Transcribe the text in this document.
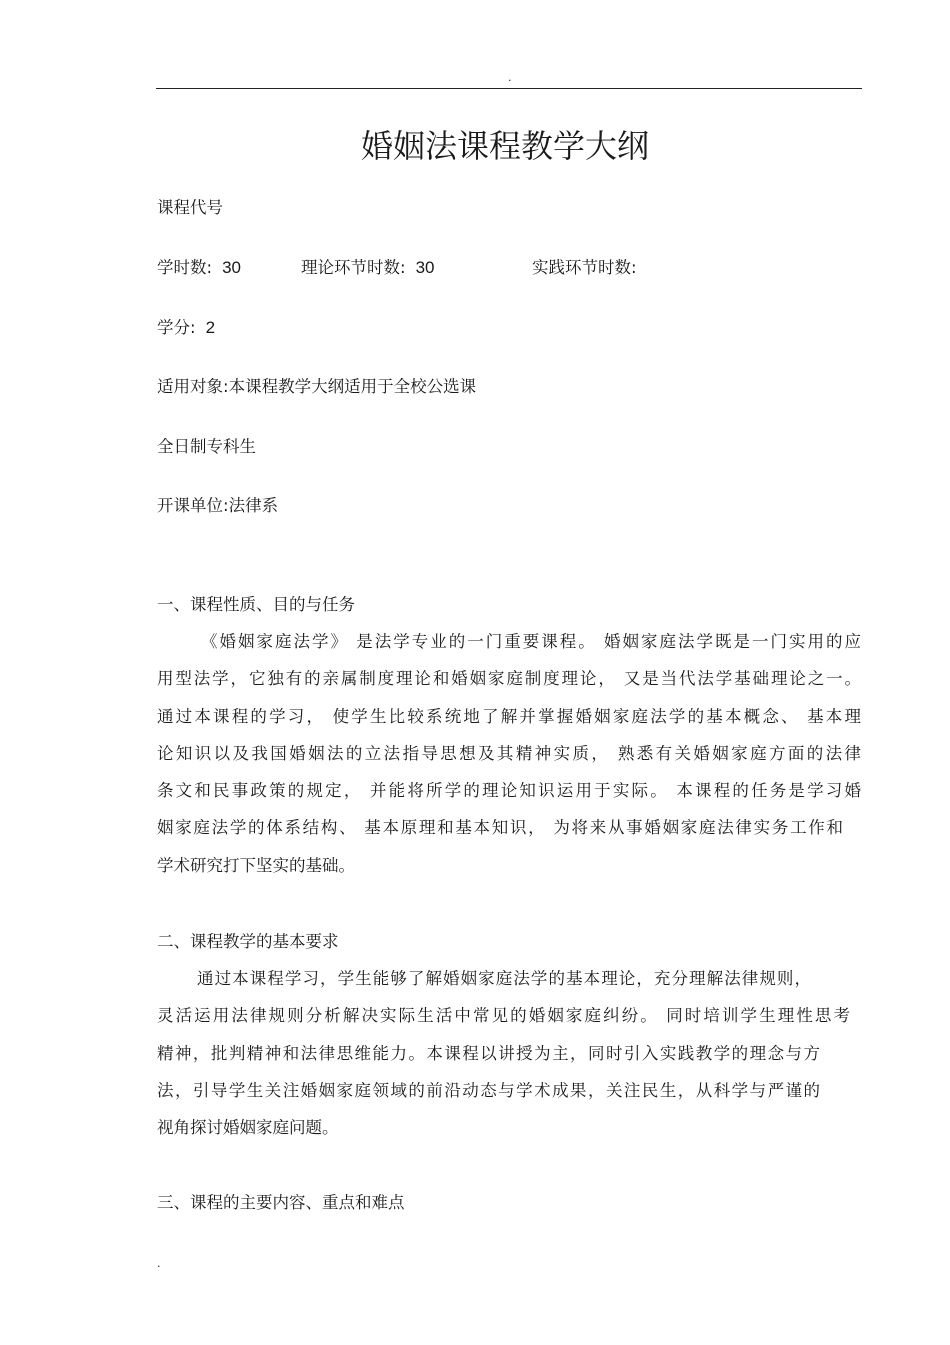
.
婚姻法课程教学大纲
课程代号
学时数: 30	理论环节时数: 30	实践环节时数:
学分: 2
适用对象:本课程教学大纲适用于全校公选课
全日制专科生
开课单位:法律系
一、课程性质、目的与任务
《婚姻家庭法学》 是法学专业的一门重要课程。 婚姻家庭法学既是一门实用的应
用型法学，它独有的亲属制度理论和婚姻家庭制度理论， 又是当代法学基础理论之一。
通过本课程的学习， 使学生比较系统地了解并掌握婚姻家庭法学的基本概念、 基本理
论知识以及我国婚姻法的立法指导思想及其精神实质， 熟悉有关婚姻家庭方面的法律
条文和民事政策的规定， 并能将所学的理论知识运用于实际。 本课程的任务是学习婚
姻家庭法学的体系结构、 基本原理和基本知识， 为将来从事婚姻家庭法律实务工作和
学术研究打下坚实的基础。
二、课程教学的基本要求
通过本课程学习，学生能够了解婚姻家庭法学的基本理论，充分理解法律规则，
灵活运用法律规则分析解决实际生活中常见的婚姻家庭纠纷。 同时培训学生理性思考
精神，批判精神和法律思维能力。本课程以讲授为主，同时引入实践教学的理念与方
法，引导学生关注婚姻家庭领域的前沿动态与学术成果，关注民生，从科学与严谨的
视角探讨婚姻家庭问题。
三、课程的主要内容、重点和难点
.
